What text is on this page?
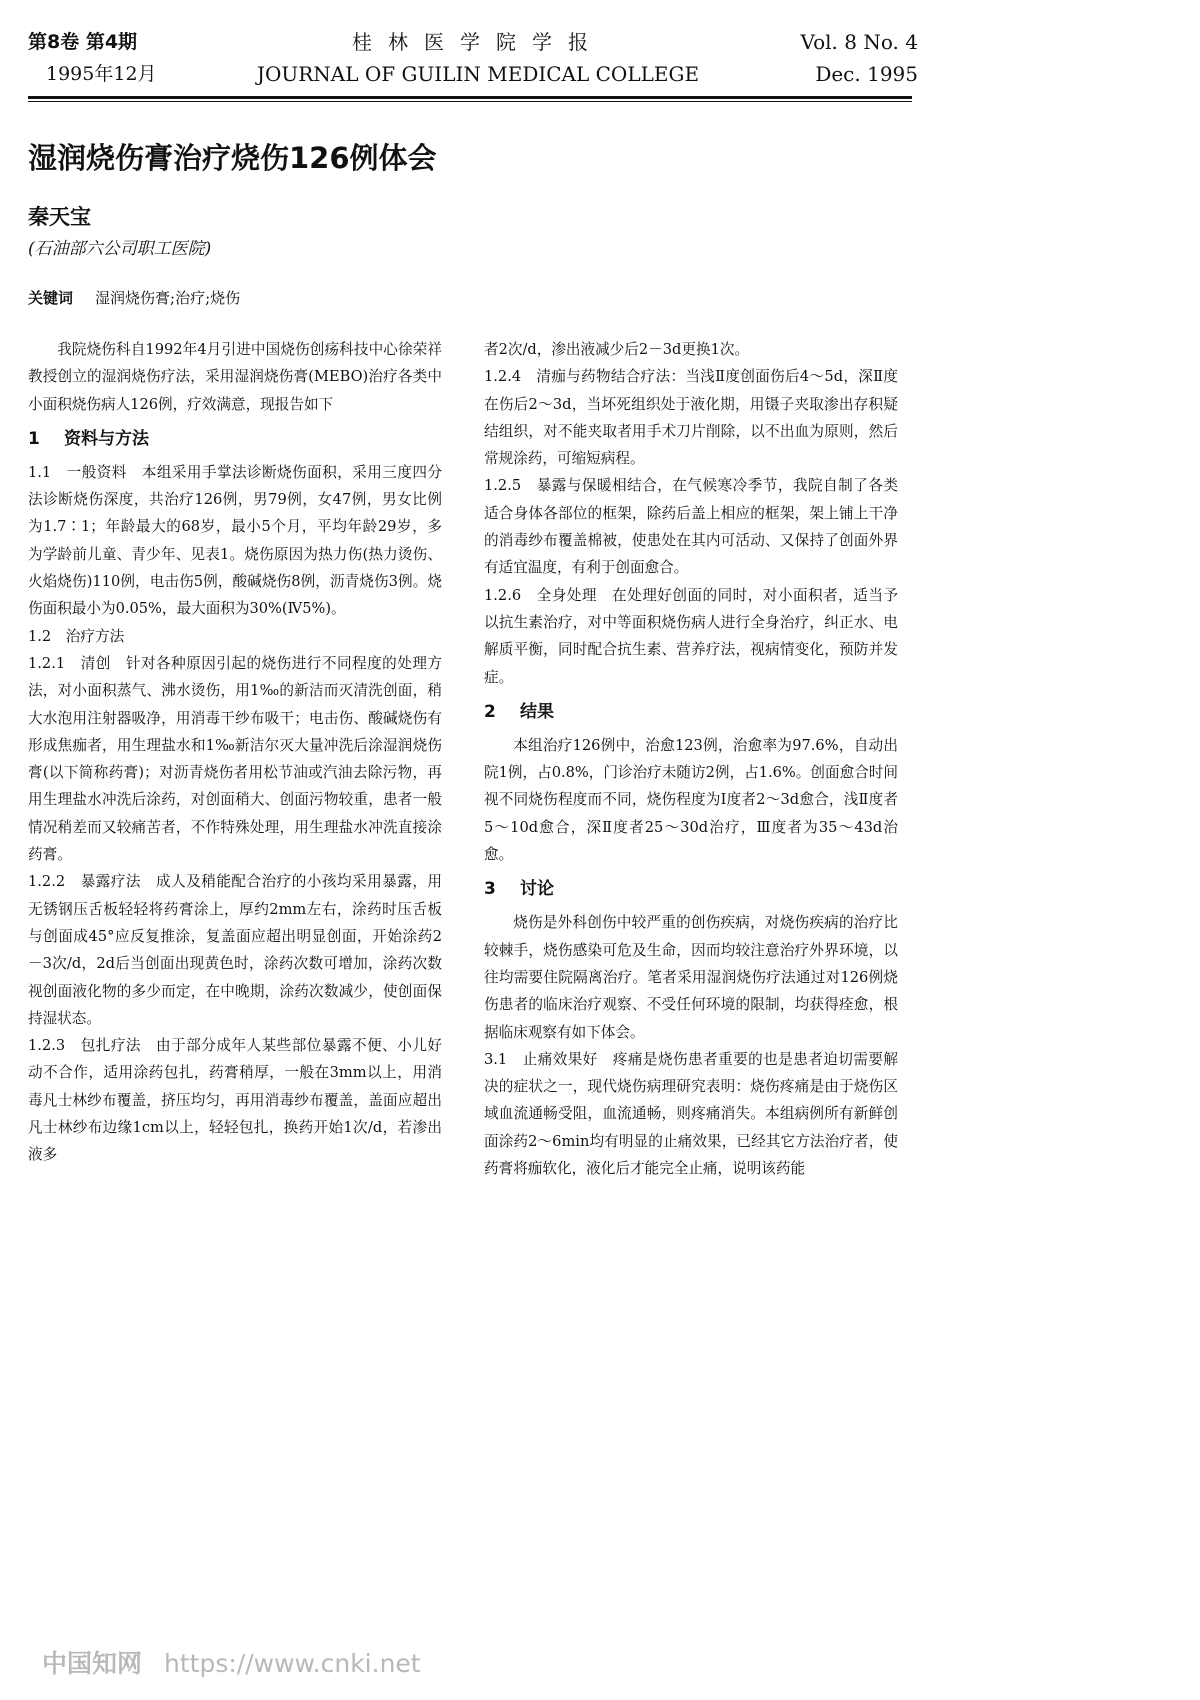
第8卷 第4期	桂林医学院学报	Vol. 8 No. 4
1995年12月	JOURNAL OF GUILIN MEDICAL COLLEGE	Dec. 1995
湿润烧伤膏治疗烧伤126例体会
秦天宝
(石油部六公司职工医院)
关键词 湿润烧伤膏;治疗;烧伤

我院烧伤科自1992年4月引进中国烧伤创疡科技中心徐荣祥教授创立的湿润烧伤疗法，采用湿润烧伤膏(MEBO)治疗各类中小面积烧伤病人126例，疗效满意，现报告如下

1 资料与方法

1.1　一般资料　本组采用手掌法诊断烧伤面积，采用三度四分法诊断烧伤深度，共治疗126例，男79例，女47例，男女比例为1.7∶1；年龄最大的68岁，最小5个月，平均年龄29岁，多为学龄前儿童、青少年、见表1。烧伤原因为热力伤(热力烫伤、火焰烧伤)110例，电击伤5例，酸碱烧伤8例，沥青烧伤3例。烧伤面积最小为0.05%，最大面积为30%(Ⅳ5%)。

1.2　治疗方法

1.2.1　清创　针对各种原因引起的烧伤进行不同程度的处理方法，对小面积蒸气、沸水烫伤，用1‰的新洁而灭清洗创面，稍大水泡用注射器吸净，用消毒干纱布吸干；电击伤、酸碱烧伤有形成焦痂者，用生理盐水和1‰新洁尔灭大量冲洗后涂湿润烧伤膏(以下简称药膏)；对沥青烧伤者用松节油或汽油去除污物，再用生理盐水冲洗后涂药，对创面稍大、创面污物较重，患者一般情况稍差而又较痛苦者，不作特殊处理，用生理盐水冲洗直接涂药膏。

1.2.2　暴露疗法　成人及稍能配合治疗的小孩均采用暴露，用无锈钢压舌板轻轻将药膏涂上，厚约2mm左右，涂药时压舌板与创面成45°应反复推涂，复盖面应超出明显创面，开始涂药2－3次/d，2d后当创面出现黄色时，涂药次数可增加，涂药次数视创面液化物的多少而定，在中晚期，涂药次数减少，使创面保持湿状态。

1.2.3　包扎疗法　由于部分成年人某些部位暴露不便、小儿好动不合作，适用涂药包扎，药膏稍厚，一般在3mm以上，用消毒凡士林纱布覆盖，挤压均匀，再用消毒纱布覆盖，盖面应超出凡士林纱布边缘1cm以上，轻轻包扎，换药开始1次/d，若渗出液多

者2次/d，渗出液减少后2－3d更换1次。

1.2.4　清痂与药物结合疗法：当浅Ⅱ度创面伤后4～5d，深Ⅱ度在伤后2～3d，当坏死组织处于液化期，用镊子夹取渗出存积疑结组织，对不能夹取者用手术刀片削除，以不出血为原则，然后常规涂药，可缩短病程。

1.2.5　暴露与保暖相结合，在气候寒冷季节，我院自制了各类适合身体各部位的框架，除药后盖上相应的框架，架上铺上干净的消毒纱布覆盖棉被，使患处在其内可活动、又保持了创面外界有适宜温度，有利于创面愈合。

1.2.6　全身处理　在处理好创面的同时，对小面积者，适当予以抗生素治疗，对中等面积烧伤病人进行全身治疗，纠正水、电解质平衡，同时配合抗生素、营养疗法，视病情变化，预防并发症。

2 结果

本组治疗126例中，治愈123例，治愈率为97.6%，自动出院1例，占0.8%，门诊治疗未随访2例，占1.6%。创面愈合时间视不同烧伤程度而不同，烧伤程度为Ⅰ度者2～3d愈合，浅Ⅱ度者5～10d愈合，深Ⅱ度者25～30d治疗，Ⅲ度者为35～43d治愈。

3 讨论

烧伤是外科创伤中较严重的创伤疾病，对烧伤疾病的治疗比较棘手，烧伤感染可危及生命，因而均较注意治疗外界环境，以往均需要住院隔离治疗。笔者采用湿润烧伤疗法通过对126例烧伤患者的临床治疗观察、不受任何环境的限制，均获得痊愈，根据临床观察有如下体会。

3.1　止痛效果好　疼痛是烧伤患者重要的也是患者迫切需要解决的症状之一，现代烧伤病理研究表明：烧伤疼痛是由于烧伤区域血流通畅受阻，血流通畅，则疼痛消失。本组病例所有新鲜创面涂药2～6min均有明显的止痛效果，已经其它方法治疗者，使药膏将痂软化，液化后才能完全止痛，说明该药能

中国知网 https://www.cnki.net
